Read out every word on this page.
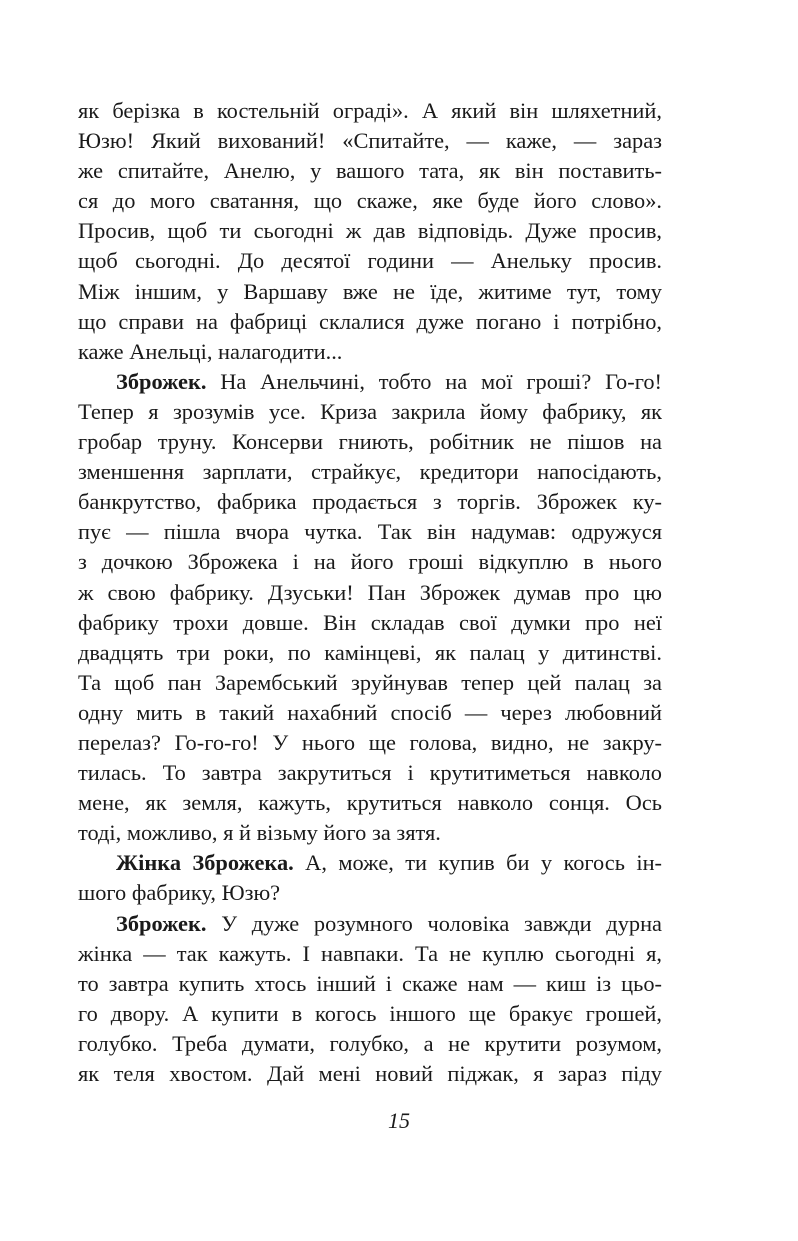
як берізка в костельній ограді». А який він шляхетний,
Юзю! Який вихований! «Спитайте, — каже, — зараз
же спитайте, Анелю, у вашого тата, як він поставить-
ся до мого сватання, що скаже, яке буде його слово».
Просив, щоб ти сьогодні ж дав відповідь. Дуже просив,
щоб сьогодні. До десятої години — Анельку просив.
Між іншим, у Варшаву вже не їде, житиме тут, тому
що справи на фабриці склалися дуже погано і потрібно,
каже Анельці, налагодити...
Зброжек. На Анельчині, тобто на мої гроші? Го-го!
Тепер я зрозумів усе. Криза закрила йому фабрику, як
гробар труну. Консерви гниють, робітник не пішов на
зменшення зарплати, страйкує, кредитори напосідають,
банкрутство, фабрика продається з торгів. Зброжек ку-
пує — пішла вчора чутка. Так він надумав: одружуся
з дочкою Зброжека і на його гроші відкуплю в нього
ж свою фабрику. Дзуськи! Пан Зброжек думав про цю
фабрику трохи довше. Він складав свої думки про неї
двадцять три роки, по камінцеві, як палац у дитинстві.
Та щоб пан Зарембський зруйнував тепер цей палац за
одну мить в такий нахабний спосіб — через любовний
перелаз? Го-го-го! У нього ще голова, видно, не закру-
тилась. То завтра закрутиться і крутитиметься навколо
мене, як земля, кажуть, крутиться навколо сонця. Ось
тоді, можливо, я й візьму його за зятя.
Жінка Зброжека. А, може, ти купив би у когось ін-
шого фабрику, Юзю?
Зброжек. У дуже розумного чоловіка завжди дурна
жінка — так кажуть. І навпаки. Та не куплю сьогодні я,
то завтра купить хтось інший і скаже нам — киш із цьо-
го двору. А купити в когось іншого ще бракує грошей,
голубко. Треба думати, голубко, а не крутити розумом,
як теля хвостом. Дай мені новий піджак, я зараз піду
15
